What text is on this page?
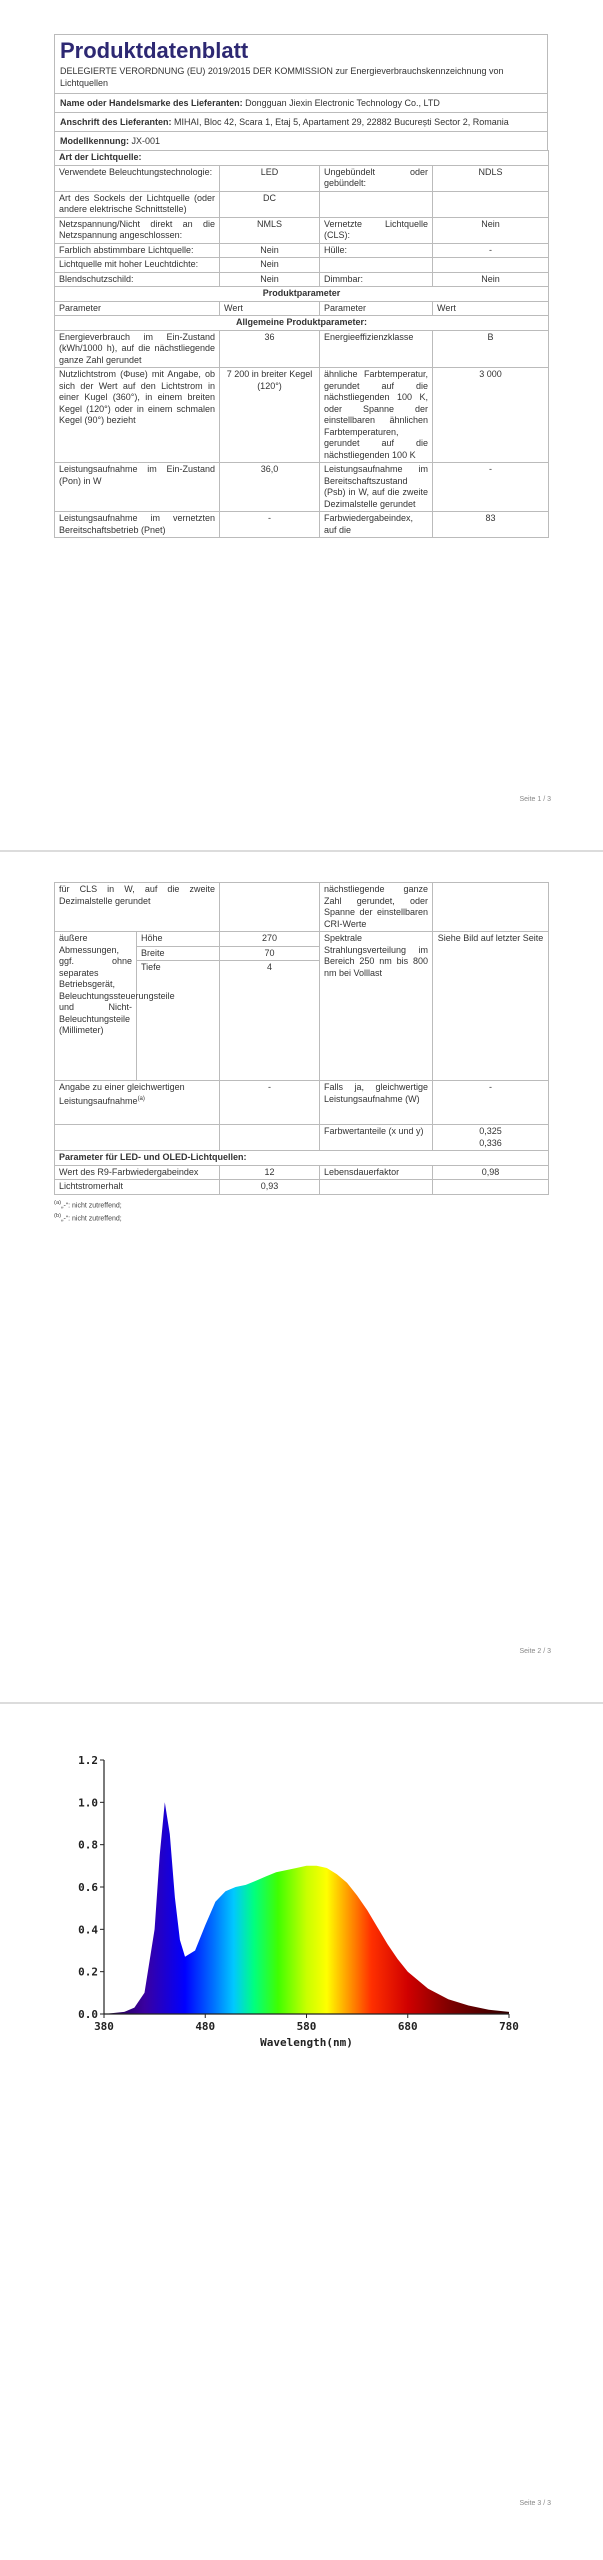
Produktdatenblatt
DELEGIERTE VERORDNUNG (EU) 2019/2015 DER KOMMISSION zur Energieverbrauchskennzeichnung von Lichtquellen
Name oder Handelsmarke des Lieferanten: Dongguan Jiexin Electronic Technology Co., LTD
Anschrift des Lieferanten: MIHAI, Bloc 42, Scara 1, Etaj 5, Apartament 29, 22882 București Sector 2, Romania
Modellkennung: JX-001
Art der Lichtquelle:			
Verwendete Beleuchtungstechnologie:	LED	Ungebündelt oder gebündelt:	NDLS
Art des Sockels der Lichtquelle (oder andere elektrische Schnittstelle)	DC		
Netzspannung/Nicht direkt an die Netzspannung angeschlossen:	NMLS	Vernetzte Lichtquelle (CLS):	Nein
Farblich abstimmbare Lichtquelle:	Nein	Hülle:	-
Lichtquelle mit hoher Leuchtdichte:	Nein		
Blendschutzschild:	Nein	Dimmbar:	Nein
Produktparameter			
Parameter	Wert	Parameter	Wert
Allgemeine Produktparameter:			
Energieverbrauch im Ein-Zustand (kWh/1000 h), auf die nächstliegende ganze Zahl gerundet	36	Energieeffizienzklasse	B
Nutzlichtstrom (Φuse) mit Angabe, ob sich der Wert auf den Lichtstrom in einer Kugel (360°), in einem breiten Kegel (120°) oder in einem schmalen Kegel (90°) bezieht	7 200 in breiter Kegel (120°)	ähnliche Farbtemperatur, gerundet auf die nächstliegenden 100 K, oder Spanne der einstellbaren ähnlichen Farbtemperaturen, gerundet auf die nächstliegenden 100 K	3 000
Leistungsaufnahme im Ein-Zustand (Pon) in W	36,0	Leistungsaufnahme im Bereitschaftszustand (Psb) in W, auf die zweite Dezimalstelle gerundet	-
Leistungsaufnahme im vernetzten Bereitschaftsbetrieb (Pnet)	-	Farbwiedergabeindex, auf die	83
Seite 1 / 3
für CLS in W, auf die zweite Dezimalstelle gerundet			nächstliegende ganze Zahl gerundet, oder Spanne der einstellbaren CRI-Werte	
äußere Abmessungen, ggf. ohne separates Betriebsgerät, Beleuchtungssteuerungsteile und Nicht-Beleuchtungsteile (Millimeter)	Höhe	270	Spektrale Strahlungsverteilung im Bereich 250 nm bis 800 nm bei Volllast	Siehe Bild auf letzter Seite
	Breite	70		
	Tiefe	4		
Angabe zu einer gleichwertigen Leistungsaufnahme$^{(a)}$		-	Falls ja, gleichwertige Leistungsaufnahme (W)	-
			Farbwertanteile (x und y)	0,325
0,336

Parameter für LED- und OLED-Lichtquellen:				
Wert des R9-Farbwiedergabeindex		12	Lebensdauerfaktor	0,98
Lichtstromerhalt		0,93		
$^{(a)}$„-“: nicht zutreffend;
$^{(b)}$„-“: nicht zutreffend;
Seite 2 / 3
Seite 3 / 3
0.0
0.2
0.4
0.6
0.8
1.0
1.2
380	480	580	680	780
Wavelength(nm)
